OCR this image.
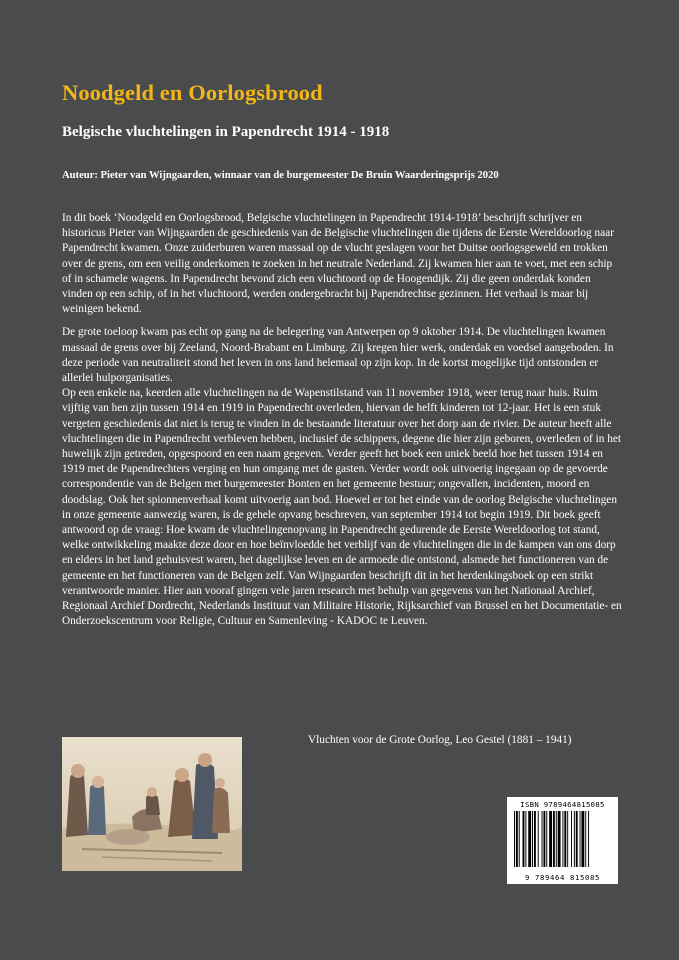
Noodgeld en Oorlogsbrood
Belgische vluchtelingen in Papendrecht 1914 - 1918
Auteur: Pieter van Wijngaarden, winnaar van de burgemeester De Bruin Waarderingsprijs 2020

In dit boek ‘Noodgeld en Oorlogsbrood, Belgische vluchtelingen in Papendrecht 1914-1918’ beschrijft schrijver en historicus Pieter van Wijngaarden de geschiedenis van de Belgische vluchtelingen die tijdens de Eerste Wereldoorlog naar Papendrecht kwamen. Onze zuiderburen waren massaal op de vlucht geslagen voor het Duitse oorlogsgeweld en trokken over de grens, om een veilig onderkomen te zoeken in het neutrale Nederland. Zij kwamen hier aan te voet, met een schip of in schamele wagens. In Papendrecht bevond zich een vluchtoord op de Hoogendijk. Zij die geen onderdak konden vinden op een schip, of in het vluchtoord, werden ondergebracht bij Papendrechtse gezinnen. Het verhaal is maar bij weinigen bekend.

De grote toeloop kwam pas echt op gang na de belegering van Antwerpen op 9 oktober 1914. De vluchtelingen kwamen massaal de grens over bij Zeeland, Noord-Brabant en Limburg. Zij kregen hier werk, onderdak en voedsel aangeboden. In deze periode van neutraliteit stond het leven in ons land helemaal op zijn kop. In de kortst mogelijke tijd ontstonden er allerlei hulporganisaties.

Op een enkele na, keerden alle vluchtelingen na de Wapenstilstand van 11 november 1918, weer terug naar huis. Ruim vijftig van hen zijn tussen 1914 en 1919 in Papendrecht overleden, hiervan de helft kinderen tot 12-jaar. Het is een stuk vergeten geschiedenis dat niet is terug te vinden in de bestaande literatuur over het dorp aan de rivier. De auteur heeft alle vluchtelingen die in Papendrecht verbleven hebben, inclusief de schippers, degene die hier zijn geboren, overleden of in het huwelijk zijn getreden, opgespoord en een naam gegeven. Verder geeft het boek een uniek beeld hoe het tussen 1914 en 1919 met de Papendrechters verging en hun omgang met de gasten. Verder wordt ook uitvoerig ingegaan op de gevoerde correspondentie van de Belgen met burgemeester Bonten en het gemeente bestuur; ongevallen, incidenten, moord en doodslag. Ook het spionnenverhaal komt uitvoerig aan bod. Hoewel er tot het einde van de oorlog Belgische vluchtelingen in onze gemeente aanwezig waren, is de gehele opvang beschreven, van september 1914 tot begin 1919. Dit boek geeft antwoord op de vraag: Hoe kwam de vluchtelingenopvang in Papendrecht gedurende de Eerste Wereldoorlog tot stand, welke ontwikkeling maakte deze door en hoe beïnvloedde het verblijf van de vluchtelingen die in de kampen van ons dorp en elders in het land gehuisvest waren, het dagelijkse leven en de armoede die ontstond, alsmede het functioneren van de gemeente en het functioneren van de Belgen zelf. Van Wijngaarden beschrijft dit in het herdenkingsboek op een strikt verantwoorde manier. Hier aan vooraf gingen vele jaren research met behulp van gegevens van het Nationaal Archief, Regionaal Archief Dordrecht, Nederlands Instituut van Militaire Historie, Rijksarchief van Brussel en het Documentatie- en Onderzoekscentrum voor Religie, Cultuur en Samenleving - KADOC te Leuven.

Vluchten voor de Grote Oorlog, Leo Gestel (1881 – 1941)
ISBN 9789464815085
9 789464 815085
